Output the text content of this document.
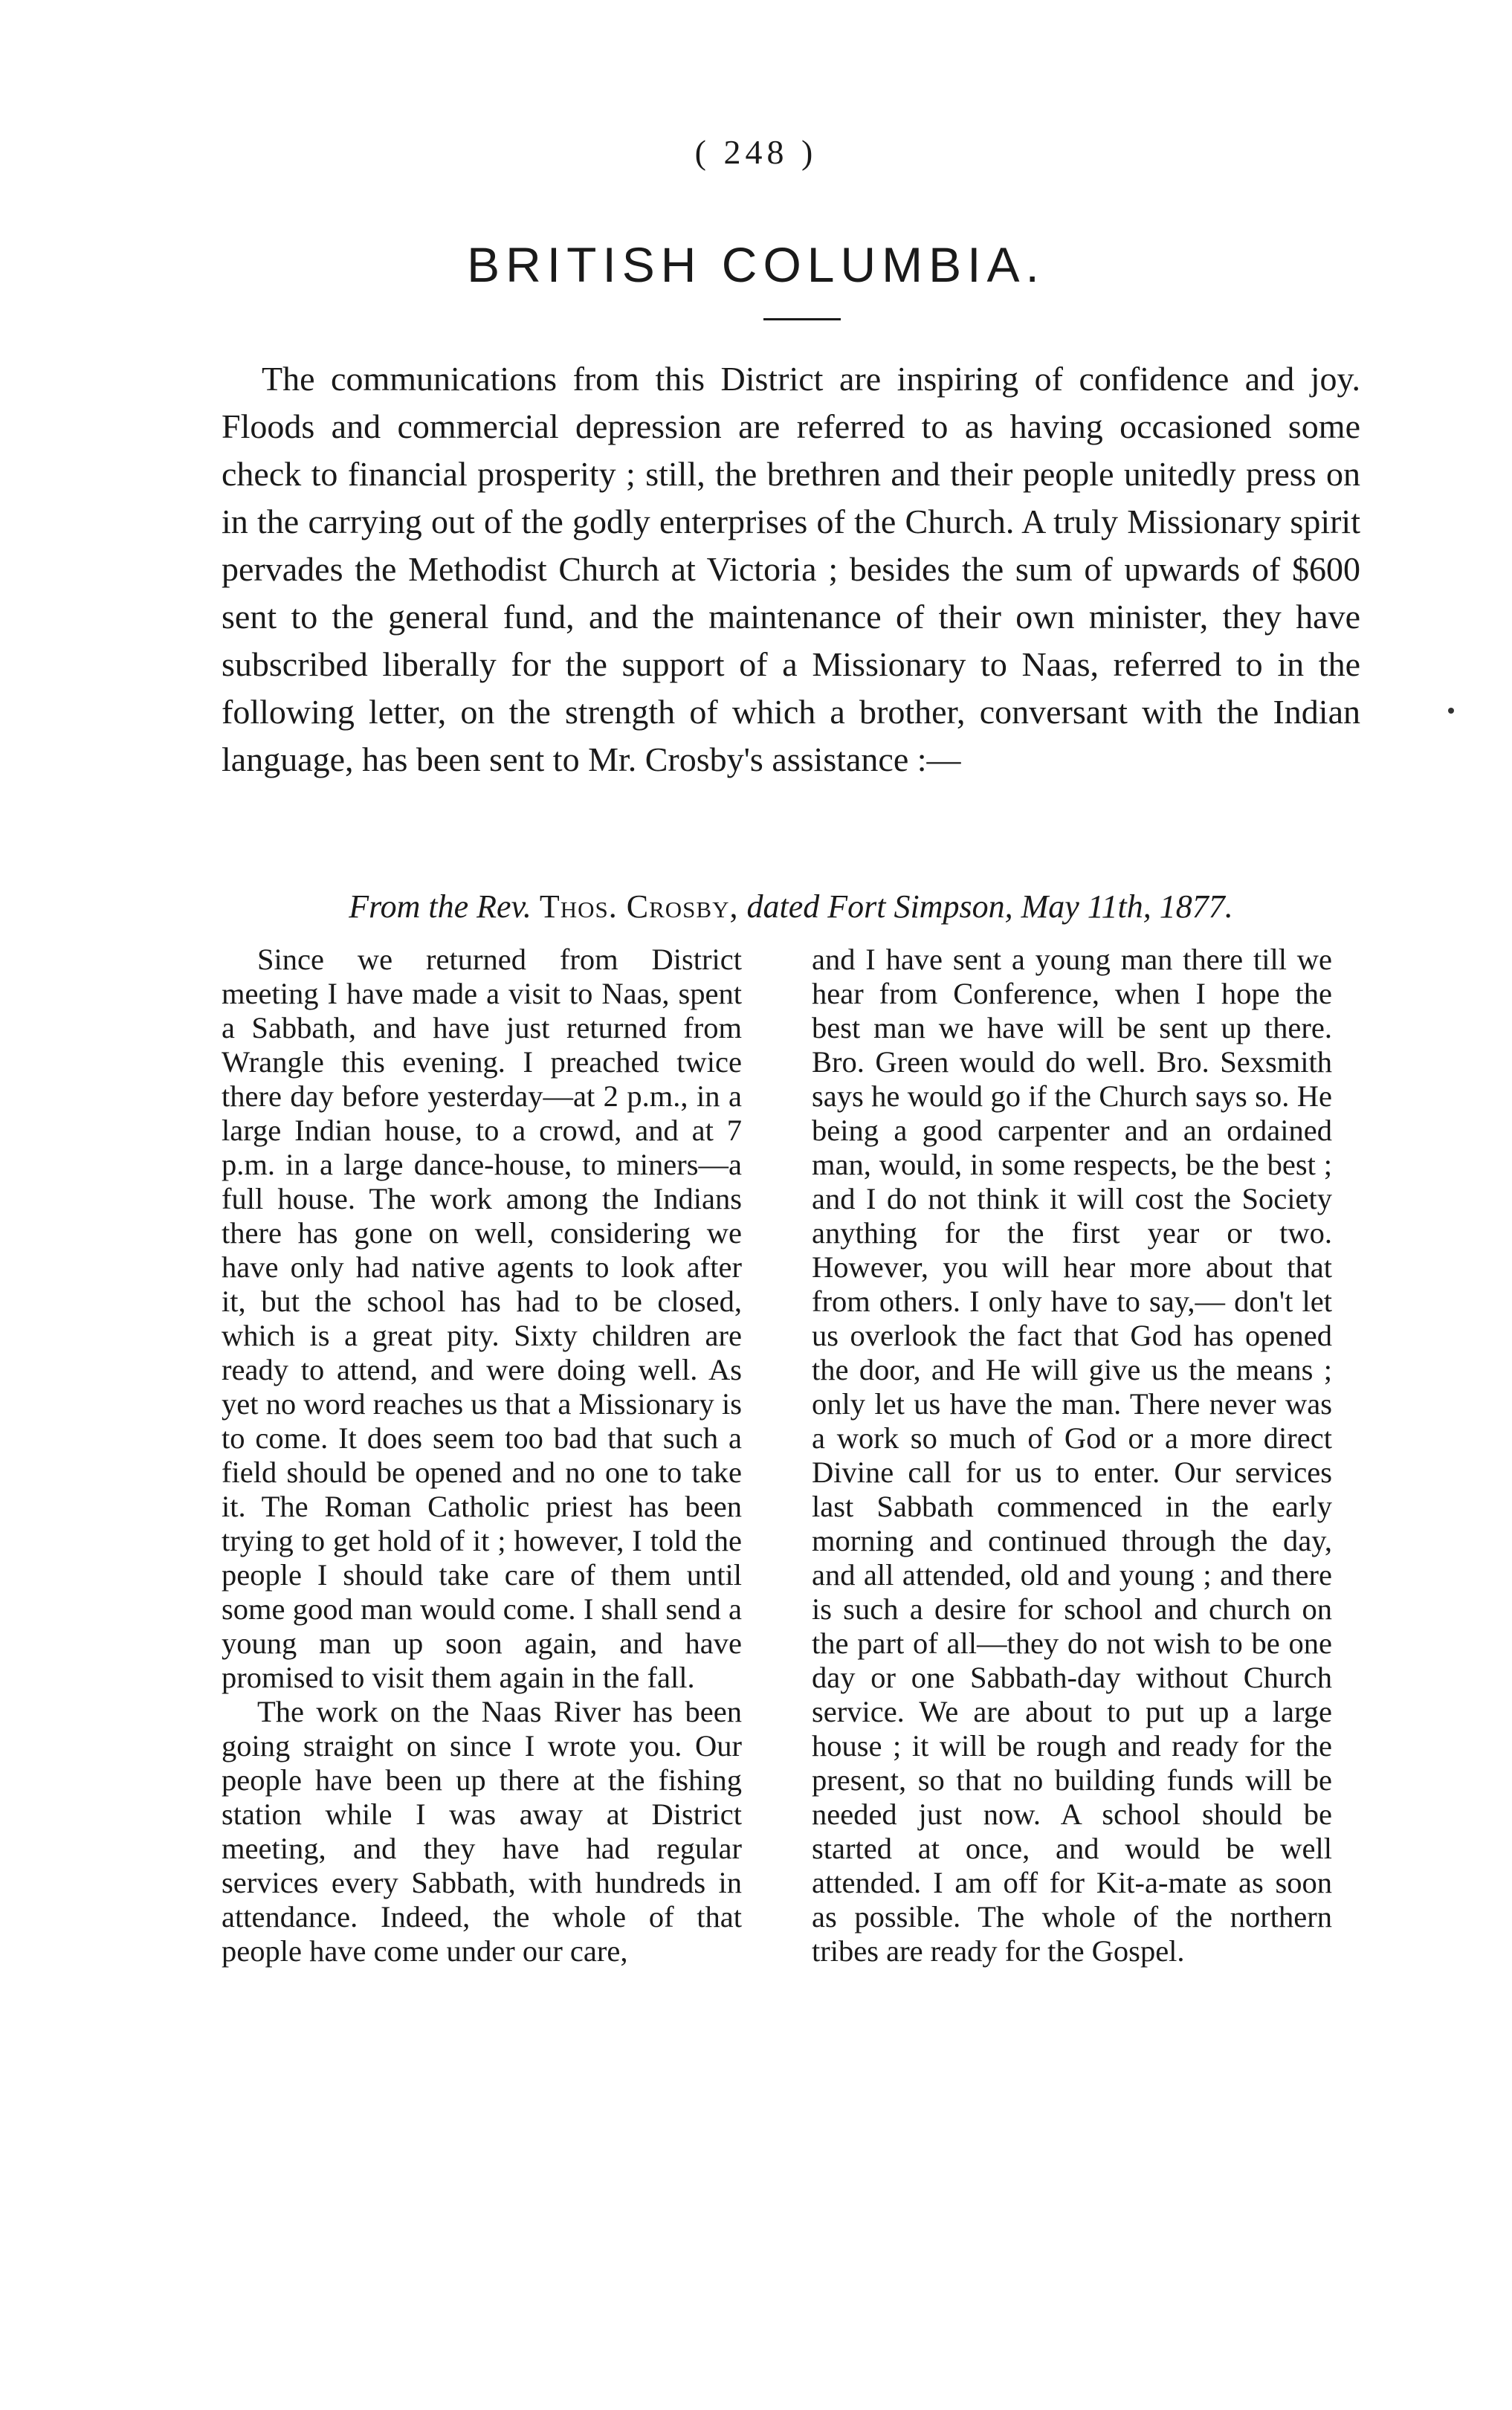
( 248 )
BRITISH COLUMBIA.

The communications from this District are inspiring of confidence and joy. Floods and commercial depression are referred to as having occasioned some check to financial prosperity ; still, the brethren and their people unitedly press on in the carrying out of the godly enterprises of the Church. A truly Missionary spirit pervades the Methodist Church at Victoria ; besides the sum of upwards of $600 sent to the general fund, and the maintenance of their own minister, they have subscribed liberally for the support of a Missionary to Naas, referred to in the following letter, on the strength of which a brother, conversant with the Indian language, has been sent to Mr. Crosby's assistance :—

From the Rev. Thos. Crosby, dated Fort Simpson, May 11th, 1877.

Since we returned from District meeting I have made a visit to Naas, spent a Sabbath, and have just returned from Wrangle this evening. I preached twice there day before yesterday—at 2 p.m., in a large Indian house, to a crowd, and at 7 p.m. in a large dance-house, to miners—a full house. The work among the Indians there has gone on well, considering we have only had native agents to look after it, but the school has had to be closed, which is a great pity. Sixty children are ready to attend, and were doing well. As yet no word reaches us that a Missionary is to come. It does seem too bad that such a field should be opened and no one to take it. The Roman Catholic priest has been trying to get hold of it ; however, I told the people I should take care of them until some good man would come. I shall send a young man up soon again, and have promised to visit them again in the fall.

The work on the Naas River has been going straight on since I wrote you. Our people have been up there at the fishing station while I was away at District meeting, and they have had regular services every Sabbath, with hundreds in attendance. Indeed, the whole of that people have come under our care,

and I have sent a young man there till we hear from Conference, when I hope the best man we have will be sent up there. Bro. Green would do well. Bro. Sexsmith says he would go if the Church says so. He being a good carpenter and an ordained man, would, in some respects, be the best ; and I do not think it will cost the Society anything for the first year or two. However, you will hear more about that from others. I only have to say,— don't let us overlook the fact that God has opened the door, and He will give us the means ; only let us have the man. There never was a work so much of God or a more direct Divine call for us to enter. Our services last Sabbath commenced in the early morning and continued through the day, and all attended, old and young ; and there is such a desire for school and church on the part of all—they do not wish to be one day or one Sabbath-day without Church service. We are about to put up a large house ; it will be rough and ready for the present, so that no building funds will be needed just now. A school should be started at once, and would be well attended. I am off for Kit-a-mate as soon as possible. The whole of the northern tribes are ready for the Gospel.
